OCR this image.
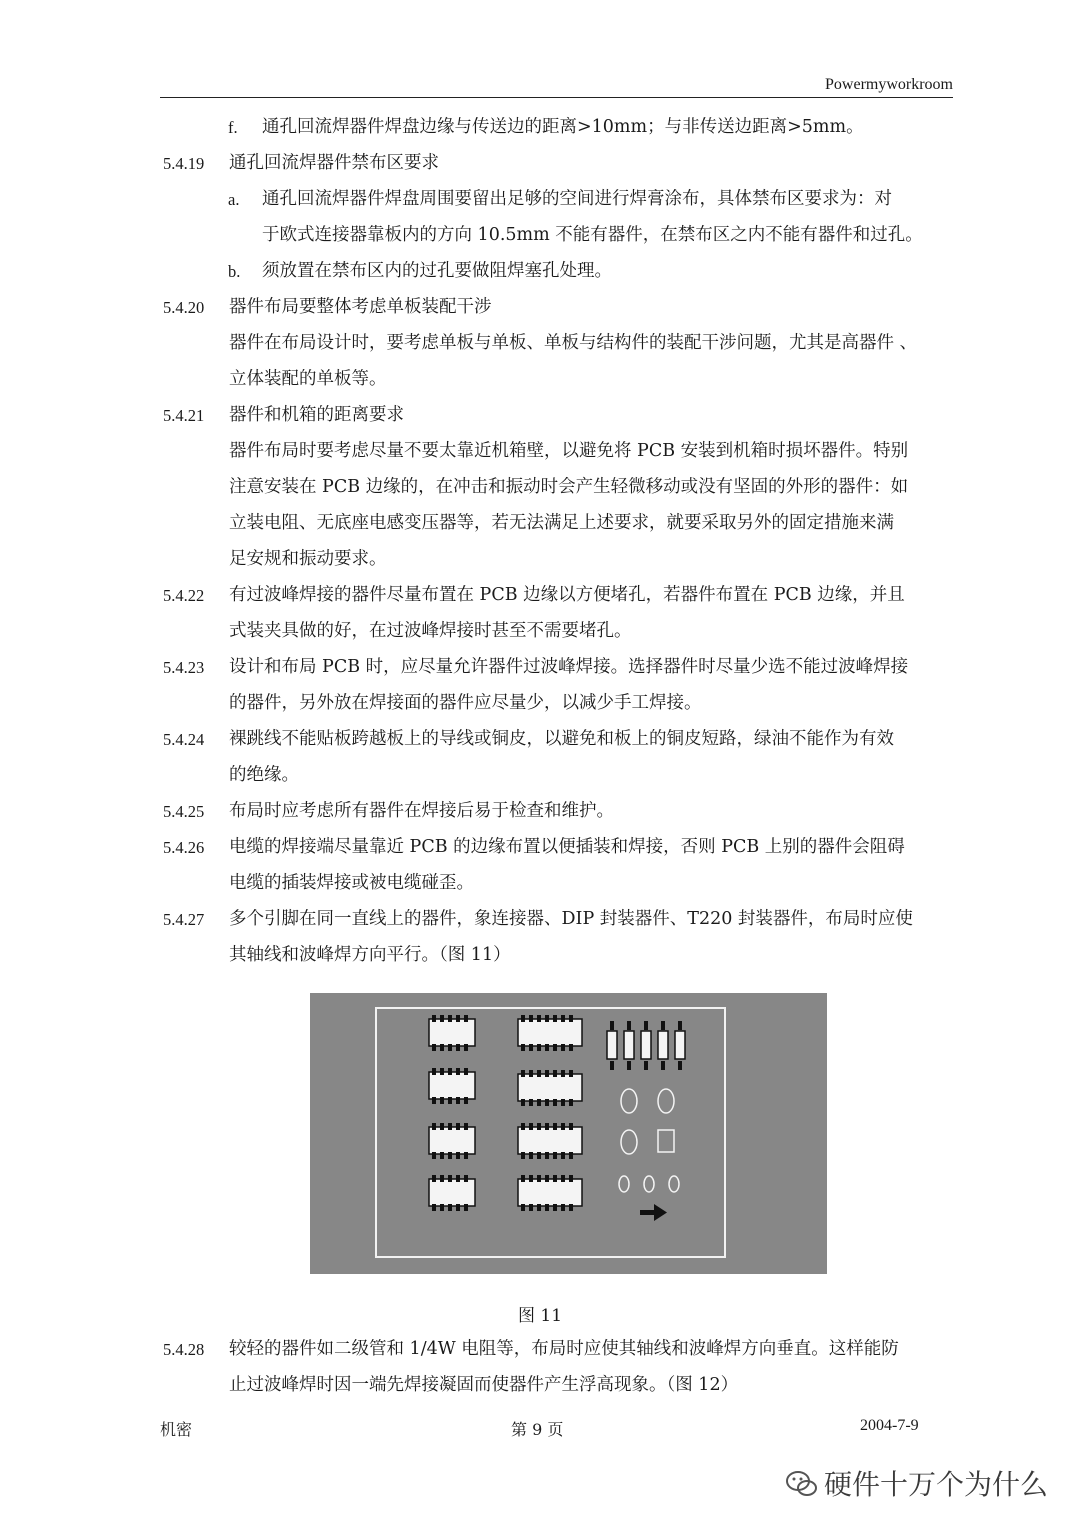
Powermyworkroom
f. 通孔回流焊器件焊盘边缘与传送边的距离>10mm；与非传送边距离>5mm。
5.4.19 通孔回流焊器件禁布区要求
a. 通孔回流焊器件焊盘周围要留出足够的空间进行焊膏涂布，具体禁布区要求为：对
于欧式连接器靠板内的方向 10.5mm 不能有器件，在禁布区之内不能有器件和过孔。
b. 须放置在禁布区内的过孔要做阻焊塞孔处理。
5.4.20 器件布局要整体考虑单板装配干涉
器件在布局设计时，要考虑单板与单板、单板与结构件的装配干涉问题，尤其是高器件 、
立体装配的单板等。
5.4.21 器件和机箱的距离要求
器件布局时要考虑尽量不要太靠近机箱壁，以避免将 PCB 安装到机箱时损坏器件。特别
注意安装在 PCB 边缘的，在冲击和振动时会产生轻微移动或没有坚固的外形的器件：如
立装电阻、无底座电感变压器等，若无法满足上述要求，就要采取另外的固定措施来满
足安规和振动要求。
5.4.22 有过波峰焊接的器件尽量布置在 PCB 边缘以方便堵孔，若器件布置在 PCB 边缘，并且
式装夹具做的好，在过波峰焊接时甚至不需要堵孔。
5.4.23 设计和布局 PCB 时，应尽量允许器件过波峰焊接。选择器件时尽量少选不能过波峰焊接
的器件，另外放在焊接面的器件应尽量少，以减少手工焊接。
5.4.24 裸跳线不能贴板跨越板上的导线或铜皮，以避免和板上的铜皮短路，绿油不能作为有效
的绝缘。
5.4.25 布局时应考虑所有器件在焊接后易于检查和维护。
5.4.26 电缆的焊接端尽量靠近 PCB 的边缘布置以便插装和焊接，否则 PCB 上别的器件会阻碍
电缆的插装焊接或被电缆碰歪。
5.4.27 多个引脚在同一直线上的器件，象连接器、DIP 封装器件、T220 封装器件，布局时应使
其轴线和波峰焊方向平行。（图 11）
图 11
5.4.28 较轻的器件如二级管和 1/4W 电阻等，布局时应使其轴线和波峰焊方向垂直。这样能防
止过波峰焊时因一端先焊接凝固而使器件产生浮高现象。（图 12）
机密	第 9 页	2004-7-9
硬件十万个为什么
